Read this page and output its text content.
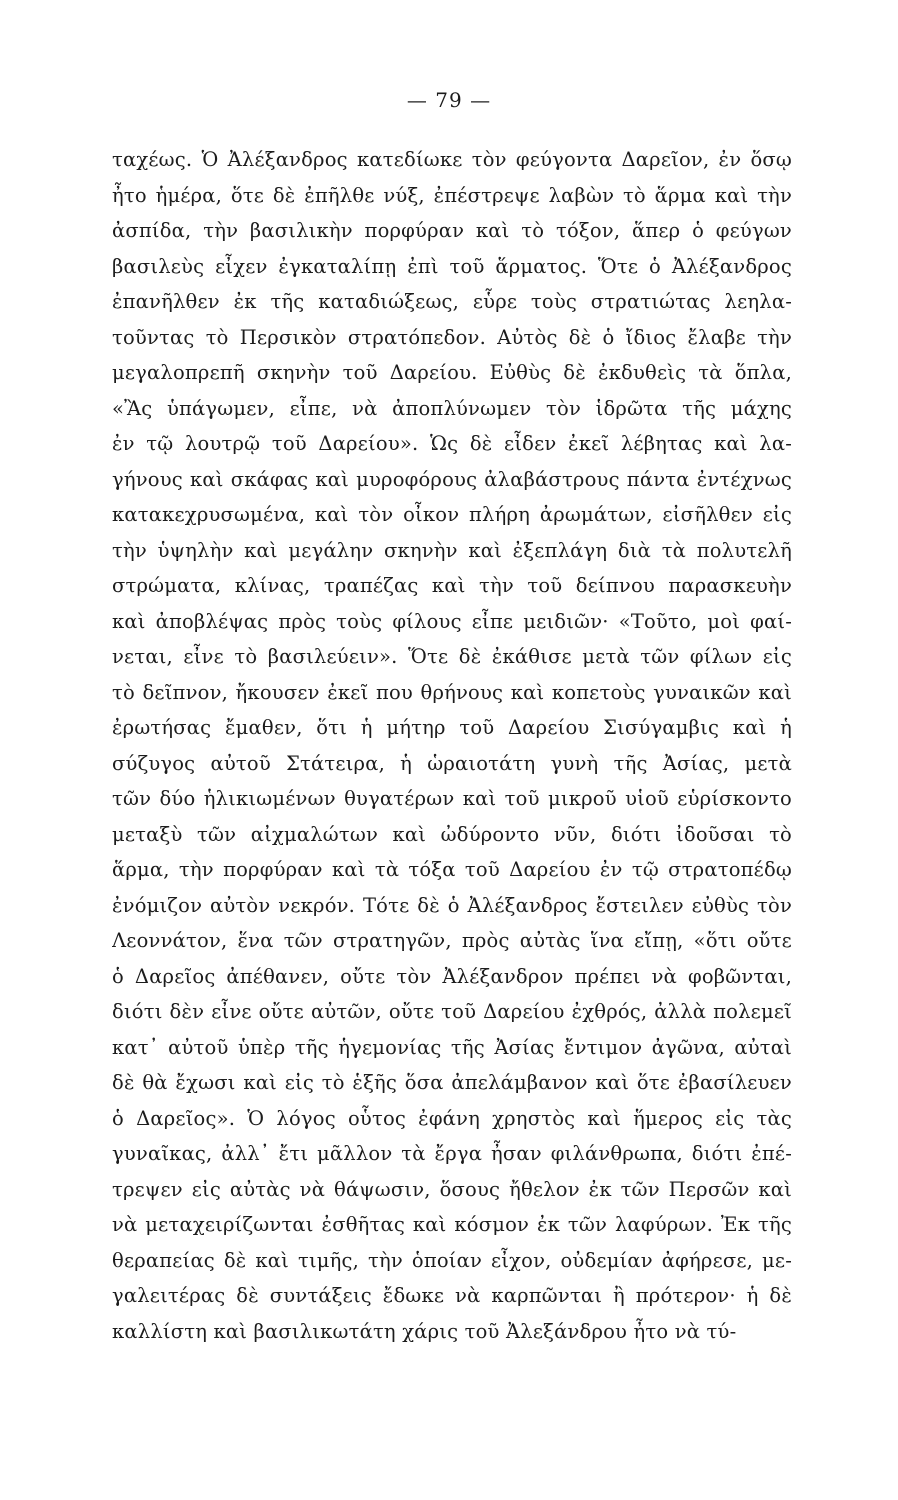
— 79 —
ταχέως. Ὁ Ἀλέξανδρος κατεδίωκε τὸν φεύγοντα Δαρεῖον, ἐν ὅσῳ
ἦτο ἡμέρα, ὅτε δὲ ἐπῆλθε νύξ, ἐπέστρεψε λαβὼν τὸ ἅρμα καὶ τὴν
ἀσπίδα, τὴν βασιλικὴν πορφύραν καὶ τὸ τόξον, ἅπερ ὁ φεύγων
βασιλεὺς εἶχεν ἐγκαταλίπῃ ἐπὶ τοῦ ἅρματος. Ὅτε ὁ Ἀλέξανδρος
ἐπανῆλθεν ἐκ τῆς καταδιώξεως, εὗρε τοὺς στρατιώτας λεηλα-
τοῦντας τὸ Περσικὸν στρατόπεδον. Αὐτὸς δὲ ὁ ἴδιος ἔλαβε τὴν
μεγαλοπρεπῆ σκηνὴν τοῦ Δαρείου. Εὐθὺς δὲ ἐκδυθεὶς τὰ ὅπλα,
«Ἂς ὑπάγωμεν, εἶπε, νὰ ἀποπλύνωμεν τὸν ἱδρῶτα τῆς μάχης
ἐν τῷ λουτρῷ τοῦ Δαρείου». Ὡς δὲ εἶδεν ἐκεῖ λέβητας καὶ λα-
γήνους καὶ σκάφας καὶ μυροφόρους ἀλαβάστρους πάντα ἐντέχνως
κατακεχρυσωμένα, καὶ τὸν οἶκον πλήρη ἀρωμάτων, εἰσῆλθεν εἰς
τὴν ὑψηλὴν καὶ μεγάλην σκηνὴν καὶ ἐξεπλάγη διὰ τὰ πολυτελῆ
στρώματα, κλίνας, τραπέζας καὶ τὴν τοῦ δείπνου παρασκευὴν
καὶ ἀποβλέψας πρὸς τοὺς φίλους εἶπε μειδιῶν· «Τοῦτο, μοὶ φαί-
νεται, εἶνε τὸ βασιλεύειν». Ὅτε δὲ ἐκάθισε μετὰ τῶν φίλων εἰς
τὸ δεῖπνον, ἤκουσεν ἐκεῖ που θρήνους καὶ κοπετοὺς γυναικῶν καὶ
ἐρωτήσας ἔμαθεν, ὅτι ἡ μήτηρ τοῦ Δαρείου Σισύγαμβις καὶ ἡ
σύζυγος αὐτοῦ Στάτειρα, ἡ ὡραιοτάτη γυνὴ τῆς Ἀσίας, μετὰ
τῶν δύο ἡλικιωμένων θυγατέρων καὶ τοῦ μικροῦ υἱοῦ εὑρίσκοντο
μεταξὺ τῶν αἰχμαλώτων καὶ ὠδύροντο νῦν, διότι ἰδοῦσαι τὸ
ἅρμα, τὴν πορφύραν καὶ τὰ τόξα τοῦ Δαρείου ἐν τῷ στρατοπέδῳ
ἐνόμιζον αὐτὸν νεκρόν. Τότε δὲ ὁ Ἀλέξανδρος ἔστειλεν εὐθὺς τὸν
Λεοννάτον, ἕνα τῶν στρατηγῶν, πρὸς αὐτὰς ἵνα εἴπῃ, «ὅτι οὔτε
ὁ Δαρεῖος ἀπέθανεν, οὔτε τὸν Ἀλέξανδρον πρέπει νὰ φοβῶνται,
διότι δὲν εἶνε οὔτε αὐτῶν, οὔτε τοῦ Δαρείου ἐχθρός, ἀλλὰ πολεμεῖ
κατ᾽ αὐτοῦ ὑπὲρ τῆς ἡγεμονίας τῆς Ἀσίας ἔντιμον ἀγῶνα, αὐταὶ
δὲ θὰ ἔχωσι καὶ εἰς τὸ ἑξῆς ὅσα ἀπελάμβανον καὶ ὅτε ἐβασίλευεν
ὁ Δαρεῖος». Ὁ λόγος οὗτος ἐφάνη χρηστὸς καὶ ἥμερος εἰς τὰς
γυναῖκας, ἀλλ᾽ ἔτι μᾶλλον τὰ ἔργα ἦσαν φιλάνθρωπα, διότι ἐπέ-
τρεψεν εἰς αὐτὰς νὰ θάψωσιν, ὅσους ἤθελον ἐκ τῶν Περσῶν καὶ
νὰ μεταχειρίζωνται ἐσθῆτας καὶ κόσμον ἐκ τῶν λαφύρων. Ἐκ τῆς
θεραπείας δὲ καὶ τιμῆς, τὴν ὁποίαν εἶχον, οὐδεμίαν ἀφήρεσε, με-
γαλειτέρας δὲ συντάξεις ἔδωκε νὰ καρπῶνται ἢ πρότερον· ἡ δὲ
καλλίστη καὶ βασιλικωτάτη χάρις τοῦ Ἀλεξάνδρου ἦτο νὰ τύ-
